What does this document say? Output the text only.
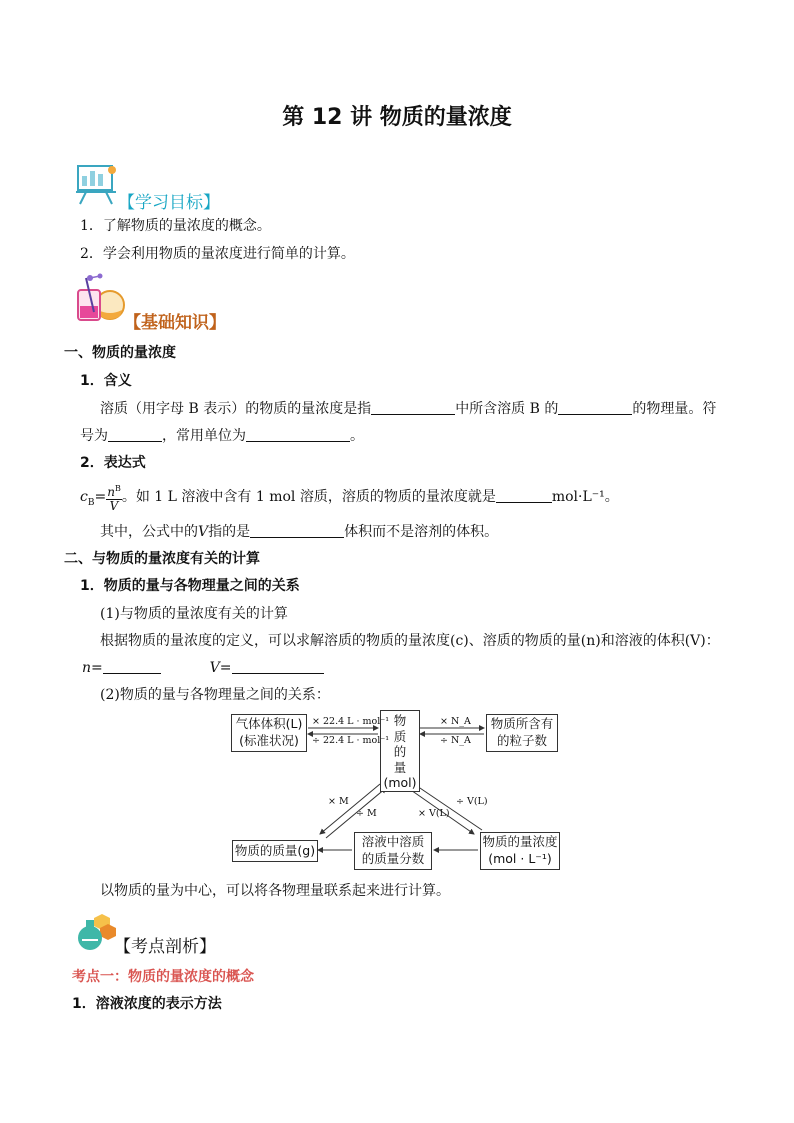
第 12 讲 物质的量浓度
【学习目标】
1．了解物质的量浓度的概念。
2．学会利用物质的量浓度进行简单的计算。
【基础知识】
一、物质的量浓度
1．含义
溶质（用字母 B 表示）的物质的量浓度是指	中所含溶质 B 的	的物理量。符
号为	，常用单位为	。
2．表达式
$c_B= \frac{n^B}{V}$ 。如 1 L 溶液中含有 1 mol 溶质，溶质的物质的量浓度就是	mol·L⁻¹。
其中，公式中的V指的是	体积而不是溶剂的体积。
二、与物质的量浓度有关的计算
1．物质的量与各物理量之间的关系
(1)与物质的量浓度有关的计算
根据物质的量浓度的定义，可以求解溶质的物质的量浓度(c)、溶质的物质的量(n)和溶液的体积(V)：
n=	V=
(2)物质的量与各物理量之间的关系：
气体体积(L)
(标准状况)
物
质
的
量
(mol)
物质所含有
的粒子数
物质的质量(g)
溶液中溶质
的质量分数
物质的量浓度
(mol · L⁻¹)
× 22.4 L · mol⁻¹
÷ 22.4 L · mol⁻¹
× N_A
÷ N_A
× M
÷ M	× V(L)
÷ V(L)
以物质的量为中心，可以将各物理量联系起来进行计算。
【考点剖析】
考点一：物质的量浓度的概念
1．溶液浓度的表示方法
